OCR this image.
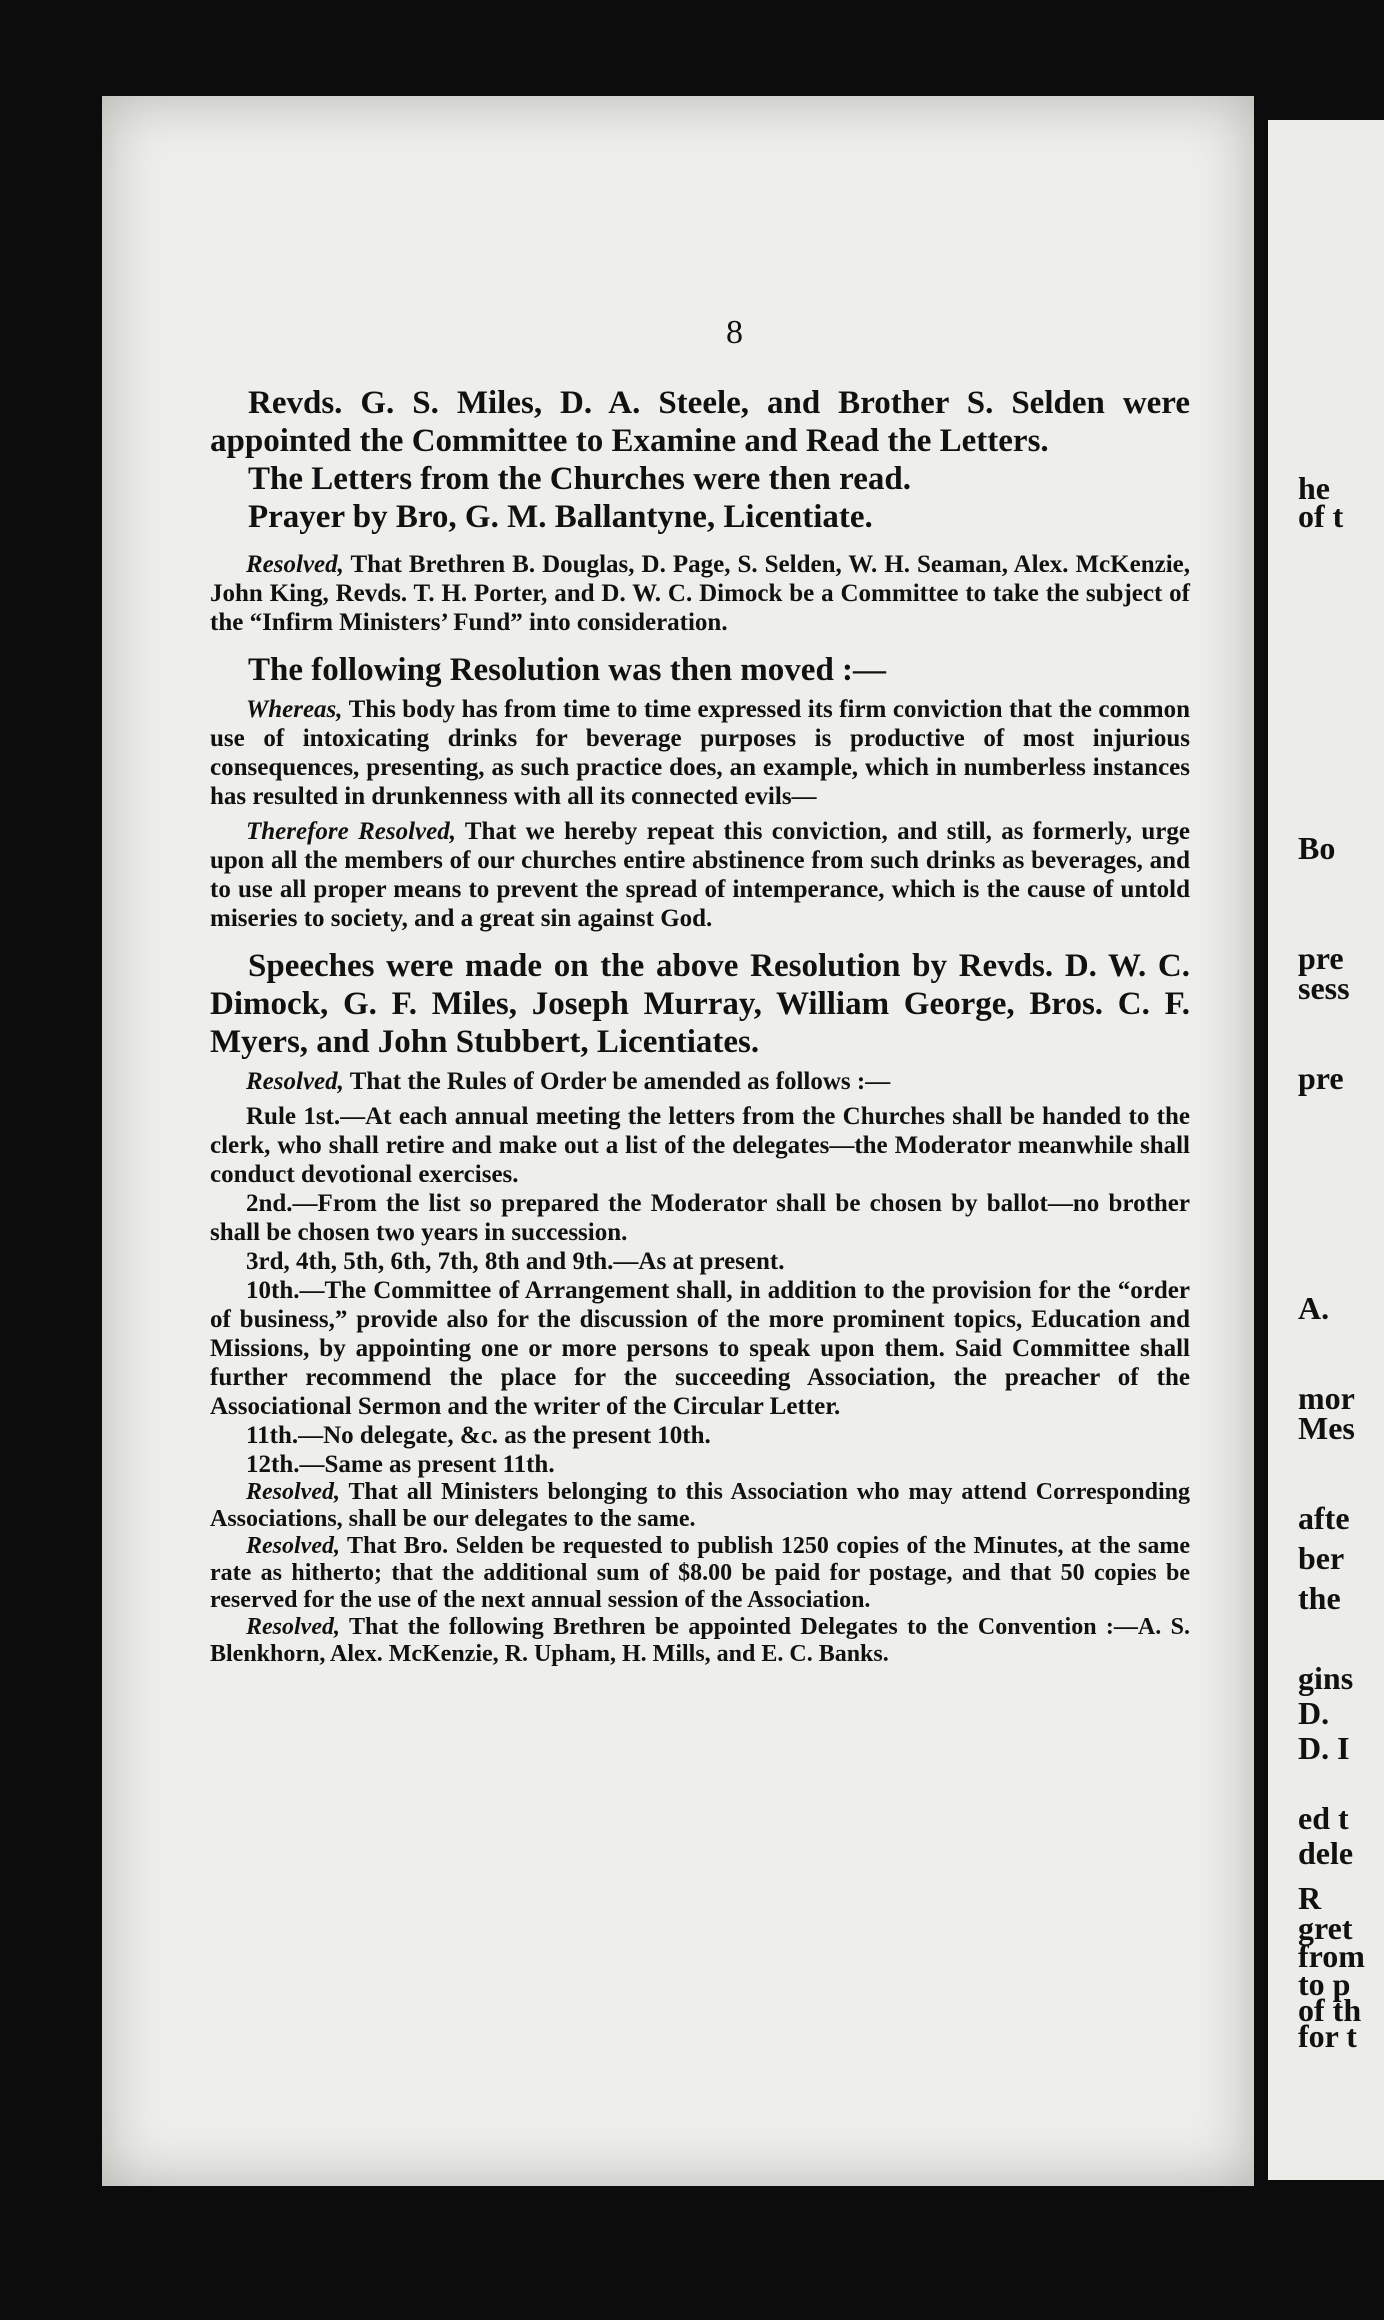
he
of t
Bo
pre
sess
pre
A.
mor
Mes
afte
ber
the
gins
D.
D. I
ed t
dele
R
gret
from
to p
of th
for t
8

Revds. G. S. Miles, D. A. Steele, and Brother S. Selden were appointed the Committee to Examine and Read the Letters.

The Letters from the Churches were then read.

Prayer by Bro, G. M. Ballantyne, Licentiate.

Resolved, That Brethren B. Douglas, D. Page, S. Selden, W. H. Seaman, Alex. McKenzie, John King, Revds. T. H. Porter, and D. W. C. Dimock be a Committee to take the subject of the “Infirm Ministers’ Fund” into consideration.

The following Resolution was then moved :—

Whereas, This body has from time to time expressed its firm conviction that the common use of intoxicating drinks for beverage purposes is productive of most injurious consequences, presenting, as such practice does, an example, which in numberless instances has resulted in drunkenness with all its connected evils—

Therefore Resolved, That we hereby repeat this conviction, and still, as formerly, urge upon all the members of our churches entire abstinence from such drinks as beverages, and to use all proper means to prevent the spread of intemperance, which is the cause of untold miseries to society, and a great sin against God.

Speeches were made on the above Resolution by Revds. D. W. C. Dimock, G. F. Miles, Joseph Murray, William George, Bros. C. F. Myers, and John Stubbert, Licentiates.

Resolved, That the Rules of Order be amended as follows :—

Rule 1st.—At each annual meeting the letters from the Churches shall be handed to the clerk, who shall retire and make out a list of the delegates—the Moderator meanwhile shall conduct devotional exercises.

2nd.—From the list so prepared the Moderator shall be chosen by ballot—no brother shall be chosen two years in succession.

3rd, 4th, 5th, 6th, 7th, 8th and 9th.—As at present.

10th.—The Committee of Arrangement shall, in addition to the provision for the “order of business,” provide also for the discussion of the more prominent topics, Education and Missions, by appointing one or more persons to speak upon them. Said Committee shall further recommend the place for the succeeding Association, the preacher of the Associational Sermon and the writer of the Circular Letter.

11th.—No delegate, &c. as the present 10th.

12th.—Same as present 11th.

Resolved, That all Ministers belonging to this Association who may attend Corresponding Associations, shall be our delegates to the same.

Resolved, That Bro. Selden be requested to publish 1250 copies of the Minutes, at the same rate as hitherto; that the additional sum of $8.00 be paid for postage, and that 50 copies be reserved for the use of the next annual session of the Association.

Resolved, That the following Brethren be appointed Delegates to the Convention :—A. S. Blenkhorn, Alex. McKenzie, R. Upham, H. Mills, and E. C. Banks.
